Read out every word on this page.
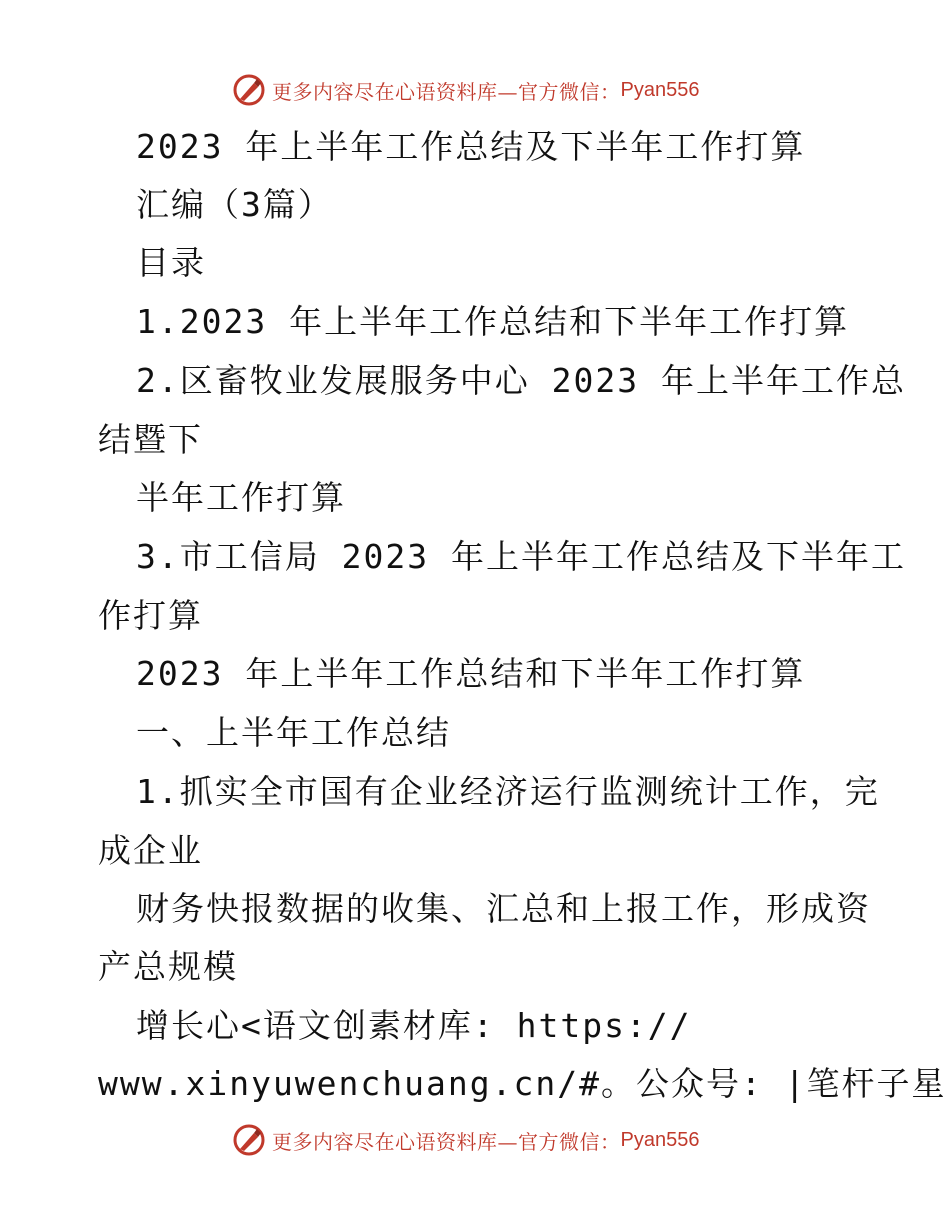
更多内容尽在心语资料库—官方微信： Pyan556
2023 年上半年工作总结及下半年工作打算
汇编（3篇）
目录
1.2023 年上半年工作总结和下半年工作打算
2.区畜牧业发展服务中心 2023 年上半年工作总
结暨下
半年工作打算
3.市工信局 2023 年上半年工作总结及下半年工
作打算
2023 年上半年工作总结和下半年工作打算
一、上半年工作总结
1.抓实全市国有企业经济运行监测统计工作，完
成企业
财务快报数据的收集、汇总和上报工作，形成资
产总规模
增长心<语文创素材库: https://
www.xinyuwenchuang.cn/#。公众号: |笔杆子星
更多内容尽在心语资料库—官方微信： Pyan556
